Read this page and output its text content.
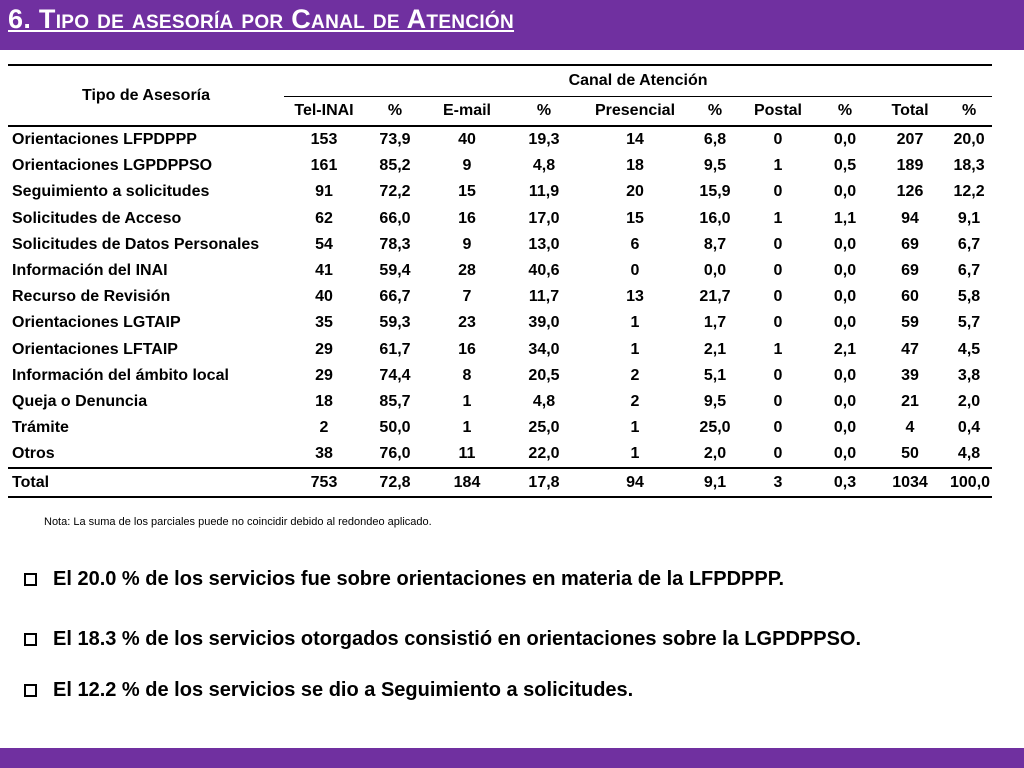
6. Tipo de asesoría por Canal de Atención
Tipo de Asesoría	Canal de Atención									
	Tel-INAI	%	E-mail	%	Presencial	%	Postal	%	Total	%
Orientaciones LFPDPPP	153	73,9	40	19,3	14	6,8	0	0,0	207	20,0
Orientaciones LGPDPPSO	161	85,2	9	4,8	18	9,5	1	0,5	189	18,3
Seguimiento a solicitudes	91	72,2	15	11,9	20	15,9	0	0,0	126	12,2
Solicitudes de Acceso	62	66,0	16	17,0	15	16,0	1	1,1	94	9,1
Solicitudes de Datos Personales	54	78,3	9	13,0	6	8,7	0	0,0	69	6,7
Información del INAI	41	59,4	28	40,6	0	0,0	0	0,0	69	6,7
Recurso de Revisión	40	66,7	7	11,7	13	21,7	0	0,0	60	5,8
Orientaciones LGTAIP	35	59,3	23	39,0	1	1,7	0	0,0	59	5,7
Orientaciones LFTAIP	29	61,7	16	34,0	1	2,1	1	2,1	47	4,5
Información del ámbito local	29	74,4	8	20,5	2	5,1	0	0,0	39	3,8
Queja o Denuncia	18	85,7	1	4,8	2	9,5	0	0,0	21	2,0
Trámite	2	50,0	1	25,0	1	25,0	0	0,0	4	0,4
Otros	38	76,0	11	22,0	1	2,0	0	0,0	50	4,8
Total	753	72,8	184	17,8	94	9,1	3	0,3	1034	100,0
Nota: La suma de los parciales puede no coincidir debido al redondeo aplicado.
El 20.0 % de los servicios fue sobre orientaciones en materia de la LFPDPPP.
El 18.3 % de los servicios otorgados consistió en orientaciones sobre la LGPDPPSO.
El 12.2 % de los servicios se dio a Seguimiento a solicitudes.
